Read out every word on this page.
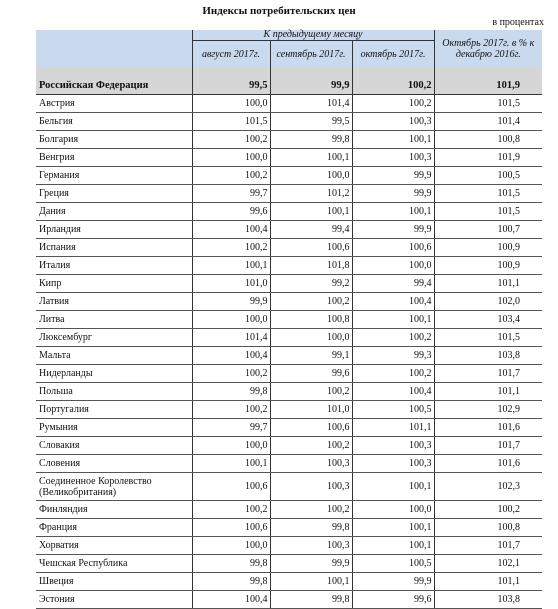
Индексы потребительских цен
в процентах
	К предыдущему месяцу			Октябрь 2017г. в % к декабрю 2016г.

	август 2017г.	сентябрь 2017г.	октябрь 2017г.	

Российская Федерация	99,5	99,9	100,2	101,9
Австрия	100,0	101,4	100,2	101,5
Бельгия	101,5	99,5	100,3	101,4
Болгария	100,2	99,8	100,1	100,8
Венгрия	100,0	100,1	100,3	101,9
Германия	100,2	100,0	99,9	100,5
Греция	99,7	101,2	99,9	101,5
Дания	99,6	100,1	100,1	101,5
Ирландия	100,4	99,4	99,9	100,7
Испания	100,2	100,6	100,6	100,9
Италия	100,1	101,8	100,0	100,9
Кипр	101,0	99,2	99,4	101,1
Латвия	99,9	100,2	100,4	102,0
Литва	100,0	100,8	100,1	103,4
Люксембург	101,4	100,0	100,2	101,5
Мальта	100,4	99,1	99,3	103,8
Нидерланды	100,2	99,6	100,2	101,7
Польша	99,8	100,2	100,4	101,1
Португалия	100,2	101,0	100,5	102,9
Румыния	99,7	100,6	101,1	101,6
Словакия	100,0	100,2	100,3	101,7
Словения	100,1	100,3	100,3	101,6
Соединенное Королевство (Великобритания)	100,6	100,3	100,1	102,3
Финляндия	100,2	100,2	100,0	100,2
Франция	100,6	99,8	100,1	100,8
Хорватия	100,0	100,3	100,1	101,7
Чешская Республика	99,8	99,9	100,5	102,1
Швеция	99,8	100,1	99,9	101,1
Эстония	100,4	99,8	99,6	103,8
